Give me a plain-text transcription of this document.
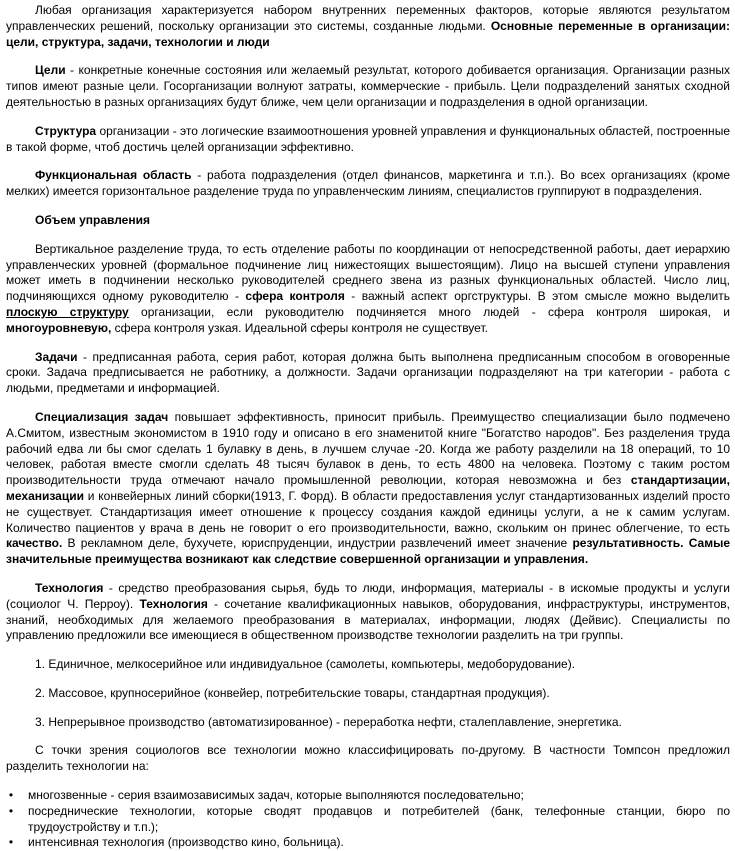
Любая организация характеризуется набором внутренних переменных факторов, которые являются результатом управленческих решений, поскольку организации это системы, созданные людьми. Основные переменные в организации: цели, структура, задачи, технологии и люди

Цели - конкретные конечные состояния или желаемый результат, которого добивается организация. Организации разных типов имеют разные цели. Госорганизации волнуют затраты, коммерческие - прибыль. Цели подразделений занятых сходной деятельностью в разных организациях будут ближе, чем цели организации и подразделения в одной организации.

Структура организации - это логические взаимоотношения уровней управления и функциональных областей, построенные в такой форме, чтоб достичь целей организации эффективно.

Функциональная область - работа подразделения (отдел финансов, маркетинга и т.п.). Во всех организациях (кроме мелких) имеется горизонтальное разделение труда по управленческим линиям, специалистов группируют в подразделения.

Объем управления

Вертикальное разделение труда, то есть отделение работы по координации от непосредственной работы, дает иерархию управленческих уровней (формальное подчинение лиц нижестоящих вышестоящим). Лицо на высшей ступени управления может иметь в подчинении несколько руководителей среднего звена из разных функциональных областей. Число лиц, подчиняющихся одному руководителю - сфера контроля - важный аспект оргструктуры. В этом смысле можно выделить плоскую структуру организации, если руководителю подчиняется много людей - сфера контроля широкая, и многоуровневую, сфера контроля узкая. Идеальной сферы контроля не существует.

Задачи - предписанная работа, серия работ, которая должна быть выполнена предписанным способом в оговоренные сроки. Задача предписывается не работнику, а должности. Задачи организации подразделяют на три категории - работа с людьми, предметами и информацией.

Специализация задач повышает эффективность, приносит прибыль. Преимущество специализации было подмечено А.Смитом, известным экономистом в 1910 году и описано в его знаменитой книге "Богатство народов". Без разделения труда рабочий едва ли бы смог сделать 1 булавку в день, в лучшем случае -20. Когда же работу разделили на 18 операций, то 10 человек, работая вместе смогли сделать 48 тысяч булавок в день, то есть 4800 на человека. Поэтому с таким ростом производительности труда отмечают начало промышленной революции, которая невозможна и без стандартизации, механизации и конвейерных линий сборки(1913, Г. Форд). В области предоставления услуг стандартизованных изделий просто не существует. Стандартизация имеет отношение к процессу создания каждой единицы услуги, а не к самим услугам. Количество пациентов у врача в день не говорит о его производительности, важно, скольким он принес облегчение, то есть качество. В рекламном деле, бухучете, юриспруденции, индустрии развлечений имеет значение результативность. Самые значительные преимущества возникают как следствие совершенной организации и управления.

Технология - средство преобразования сырья, будь то люди, информация, материалы - в искомые продукты и услуги (социолог Ч. Перроу). Технология - сочетание квалификационных навыков, оборудования, инфраструктуры, инструментов, знаний, необходимых для желаемого преобразования в материалах, информации, людях (Дейвис). Специалисты по управлению предложили все имеющиеся в общественном производстве технологии разделить на три группы.

1. Единичное, мелкосерийное или индивидуальное (самолеты, компьютеры, медоборудование).

2. Массовое, крупносерийное (конвейер, потребительские товары, стандартная продукция).

3. Непрерывное производство (автоматизированное) - переработка нефти, сталеплавление, энергетика.

С точки зрения социологов все технологии можно классифицировать по-другому. В частности Томпсон предложил разделить технологии на:

• многозвенные - серия взаимозависимых задач, которые выполняются последовательно;
• посреднические технологии, которые сводят продавцов и потребителей (банк, телефонные станции, бюро по трудоустройству и т.п.);
• интенсивная технология (производство кино, больница).
